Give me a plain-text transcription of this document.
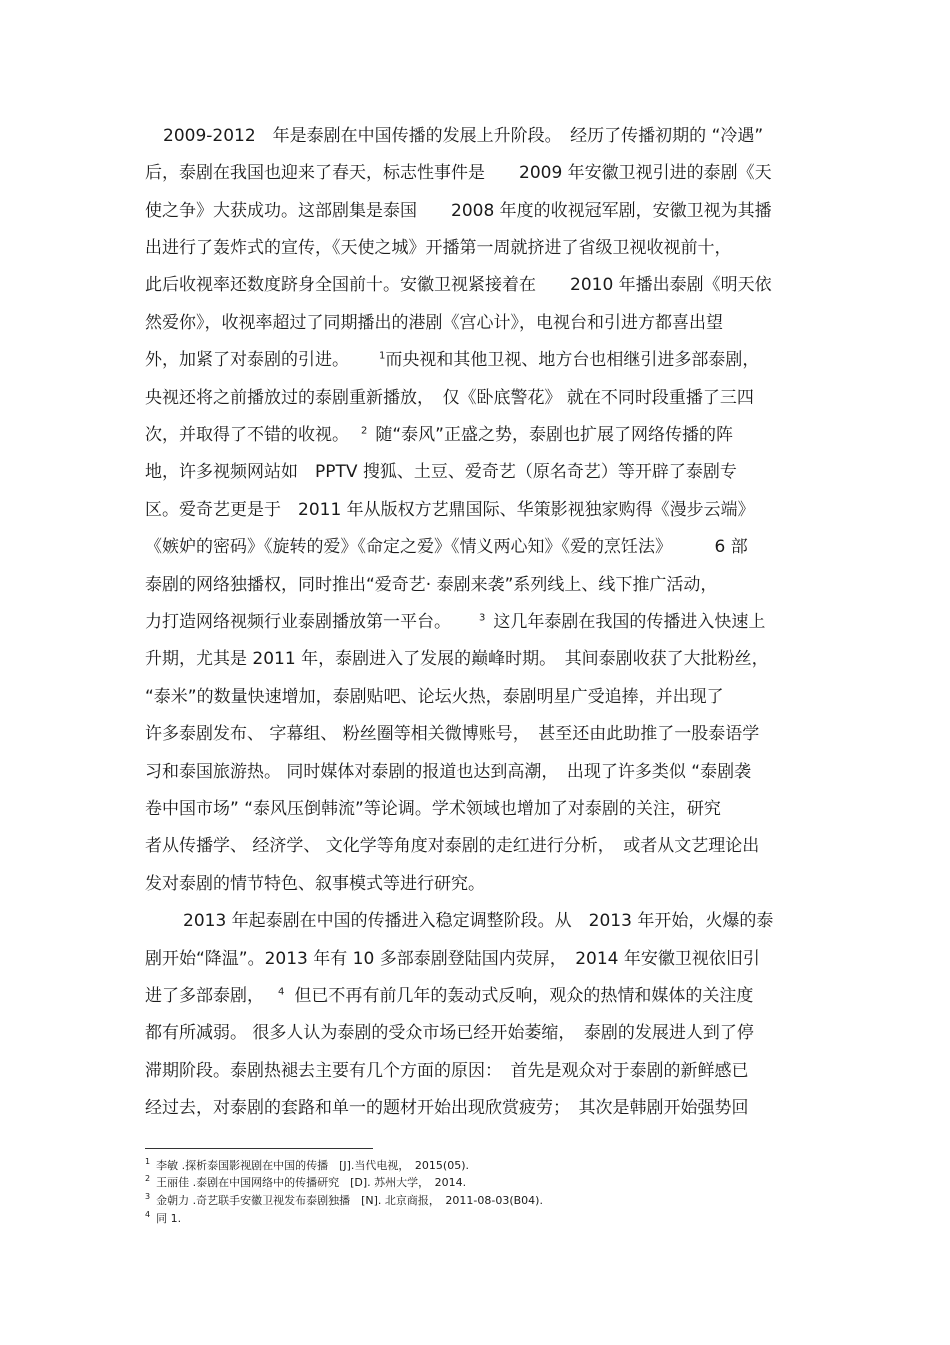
2009-2012　年是泰剧在中国传播的发展上升阶段。　经历了传播初期的 “冷遇”
后，泰剧在我国也迎来了春天，标志性事件是　　2009 年安徽卫视引进的泰剧《天
使之争》大获成功。这部剧集是泰国　　2008 年度的收视冠军剧，安徽卫视为其播
出进行了轰炸式的宣传，《天使之城》开播第一周就挤进了省级卫视收视前十，
此后收视率还数度跻身全国前十。安徽卫视紧接着在　　2010 年播出泰剧《明天依
然爱你》，收视率超过了同期播出的港剧《宫心计》，电视台和引进方都喜出望
外，加紧了对泰剧的引进。	$^1$而央视和其他卫视、地方台也相继引进多部泰剧，
央视还将之前播放过的泰剧重新播放，　仅《卧底警花》 就在不同时段重播了三四
次，并取得了不错的收视。 $^2$ 随“泰风”正盛之势，泰剧也扩展了网络传播的阵
地，许多视频网站如　PPTV 搜狐、土豆、爱奇艺（原名奇艺）等开辟了泰剧专
区。爱奇艺更是于　2011 年从版权方艺鼎国际、华策影视独家购得《漫步云端》
《嫉妒的密码》《旋转的爱》《命定之爱》《情义两心知》《爱的烹饪法》　　　6 部
泰剧的网络独播权，同时推出“爱奇艺· 泰剧来袭”系列线上、线下推广活动，
力打造网络视频行业泰剧播放第一平台。	$^3$ 这几年泰剧在我国的传播进入快速上
升期，尤其是 2011 年，泰剧进入了发展的巅峰时期。　其间泰剧收获了大批粉丝，
“泰米”的数量快速增加，泰剧贴吧、论坛火热，泰剧明星广受追捧，并出现了
许多泰剧发布、 字幕组、 粉丝圈等相关微博账号，　甚至还由此助推了一股泰语学
习和泰国旅游热。 同时媒体对泰剧的报道也达到高潮，　出现了许多类似 “泰剧袭
卷中国市场” “泰风压倒韩流”等论调。学术领域也增加了对泰剧的关注，研究
者从传播学、 经济学、 文化学等角度对泰剧的走红进行分析，　或者从文艺理论出
发对泰剧的情节特色、叙事模式等进行研究。
2013 年起泰剧在中国的传播进入稳定调整阶段。从　2013 年开始，火爆的泰
剧开始“降温”。2013 年有 10 多部泰剧登陆国内荧屏，　2014 年安徽卫视依旧引
进了多部泰剧， $^4$ 但已不再有前几年的轰动式反响，观众的热情和媒体的关注度
都有所减弱。 很多人认为泰剧的受众市场已经开始萎缩，　泰剧的发展进人到了停
滞期阶段。泰剧热褪去主要有几个方面的原因：　首先是观众对于泰剧的新鲜感已
经过去，对泰剧的套路和单一的题材开始出现欣赏疲劳；　其次是韩剧开始强势回
$^1$ 李敏 .探析泰国影视剧在中国的传播　[J].当代电视，　2015(05).
$^2$ 王丽佳 .泰剧在中国网络中的传播研究　[D]. 苏州大学，　2014.
$^3$ 金朝力 .奇艺联手安徽卫视发布泰剧独播　[N]. 北京商报，　2011-08-03(B04).
$^4$ 同 1.
